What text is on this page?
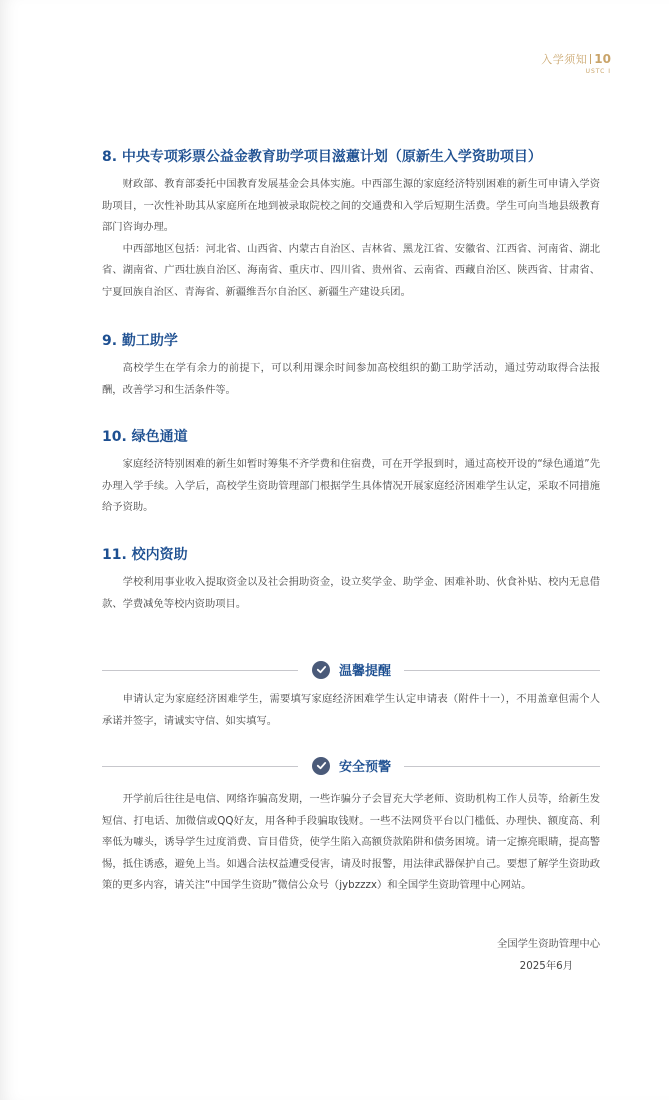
入学须知 10
USTC I
8. 中央专项彩票公益金教育助学项目滋蕙计划（原新生入学资助项目）

财政部、教育部委托中国教育发展基金会具体实施。中西部生源的家庭经济特别困难的新生可申请入学资助项目，一次性补助其从家庭所在地到被录取院校之间的交通费和入学后短期生活费。学生可向当地县级教育部门咨询办理。

中西部地区包括：河北省、山西省、内蒙古自治区、吉林省、黑龙江省、安徽省、江西省、河南省、湖北省、湖南省、广西壮族自治区、海南省、重庆市、四川省、贵州省、云南省、西藏自治区、陕西省、甘肃省、宁夏回族自治区、青海省、新疆维吾尔自治区、新疆生产建设兵团。

9. 勤工助学

高校学生在学有余力的前提下，可以利用课余时间参加高校组织的勤工助学活动，通过劳动取得合法报酬，改善学习和生活条件等。

10. 绿色通道

家庭经济特别困难的新生如暂时筹集不齐学费和住宿费，可在开学报到时，通过高校开设的“绿色通道”先办理入学手续。入学后，高校学生资助管理部门根据学生具体情况开展家庭经济困难学生认定，采取不同措施给予资助。

11. 校内资助

学校利用事业收入提取资金以及社会捐助资金，设立奖学金、助学金、困难补助、伙食补贴、校内无息借款、学费减免等校内资助项目。

温馨提醒

申请认定为家庭经济困难学生，需要填写家庭经济困难学生认定申请表（附件十一），不用盖章但需个人承诺并签字，请诚实守信、如实填写。

安全预警

开学前后往往是电信、网络诈骗高发期，一些诈骗分子会冒充大学老师、资助机构工作人员等，给新生发短信、打电话、加微信或QQ好友，用各种手段骗取钱财。一些不法网贷平台以门槛低、办理快、额度高、利率低为噱头，诱导学生过度消费、盲目借贷，使学生陷入高额贷款陷阱和债务困境。请一定擦亮眼睛，提高警惕，抵住诱惑，避免上当。如遇合法权益遭受侵害，请及时报警，用法律武器保护自己。要想了解学生资助政策的更多内容，请关注“中国学生资助”微信公众号（jybzzzx）和全国学生资助管理中心网站。

全国学生资助管理中心
2025年6月
